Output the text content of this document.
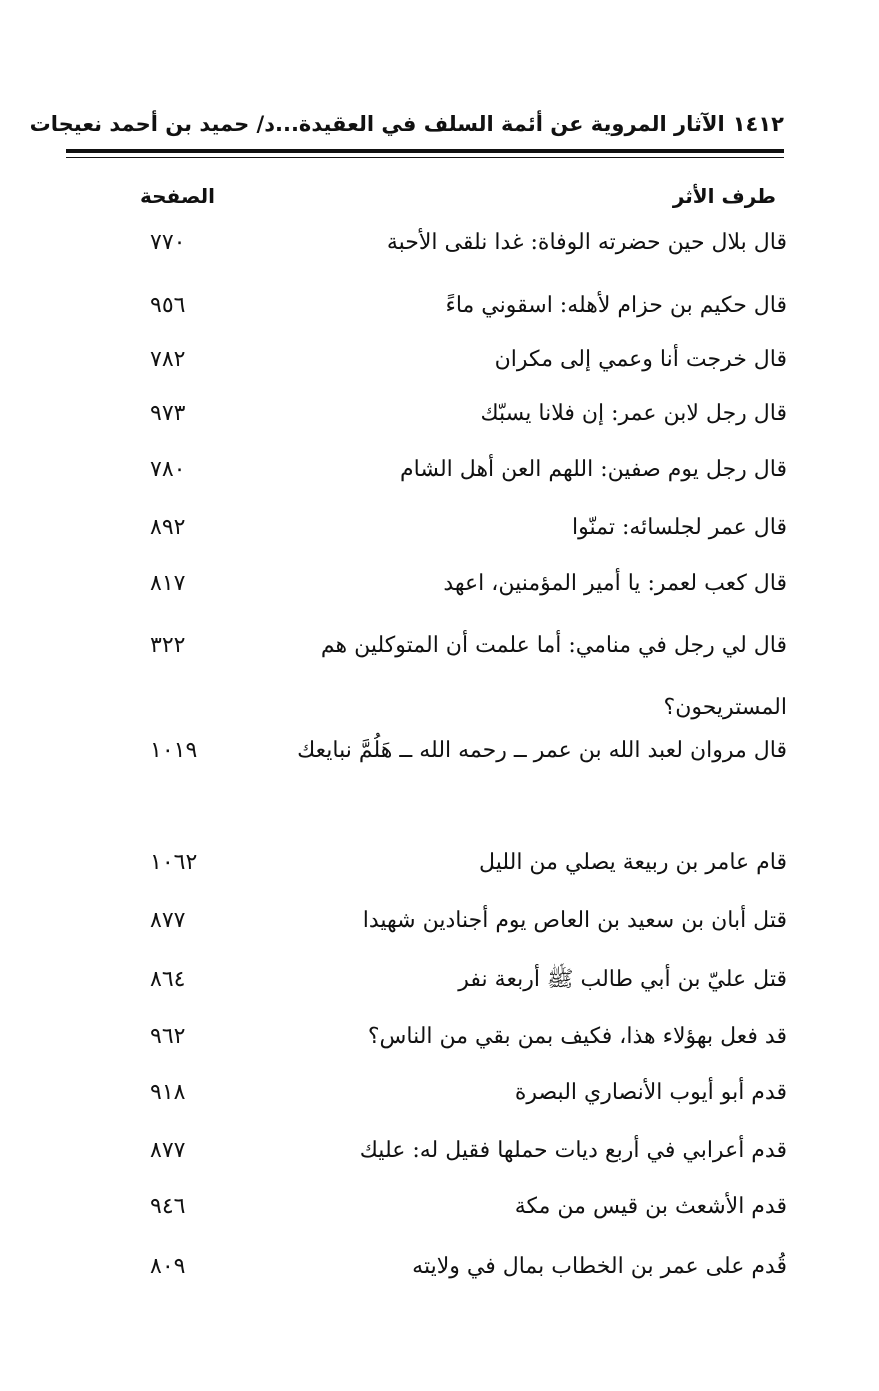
١٤١٢الآثار المروية عن أئمة السلف في العقيدة...د/ حميد بن أحمد نعيجات
طرف الأثر
الصفحة
قال بلال حين حضرته الوفاة: غدا نلقى الأحبة
٧٧٠
قال حكيم بن حزام لأهله: اسقوني ماءً
٩٥٦
قال خرجت أنا وعمي إلى مكران
٧٨٢
قال رجل لابن عمر: إن فلانا يسبّك
٩٧٣
قال رجل يوم صفين: اللهم العن أهل الشام
٧٨٠
قال عمر لجلسائه: تمنّوا
٨٩٢
قال كعب لعمر: يا أمير المؤمنين، اعهد
٨١٧
قال لي رجل في منامي: أما علمت أن المتوكلين هم المستريحون؟
٣٢٢
قال مروان لعبد الله بن عمر ــ رحمه الله ــ هَلُمَّ نبايعك
١٠١٩
قام عامر بن ربيعة يصلي من الليل
١٠٦٢
قتل أبان بن سعيد بن العاص يوم أجنادين شهيدا
٨٧٧
قتل عليّ بن أبي طالب ﷺ أربعة نفر
٨٦٤
قد فعل بهؤلاء هذا، فكيف بمن بقي من الناس؟
٩٦٢
قدم أبو أيوب الأنصاري البصرة
٩١٨
قدم أعرابي في أربع ديات حملها فقيل له: عليك
٨٧٧
قدم الأشعث بن قيس من مكة
٩٤٦
قُدم على عمر بن الخطاب بمال في ولايته
٨٠٩
